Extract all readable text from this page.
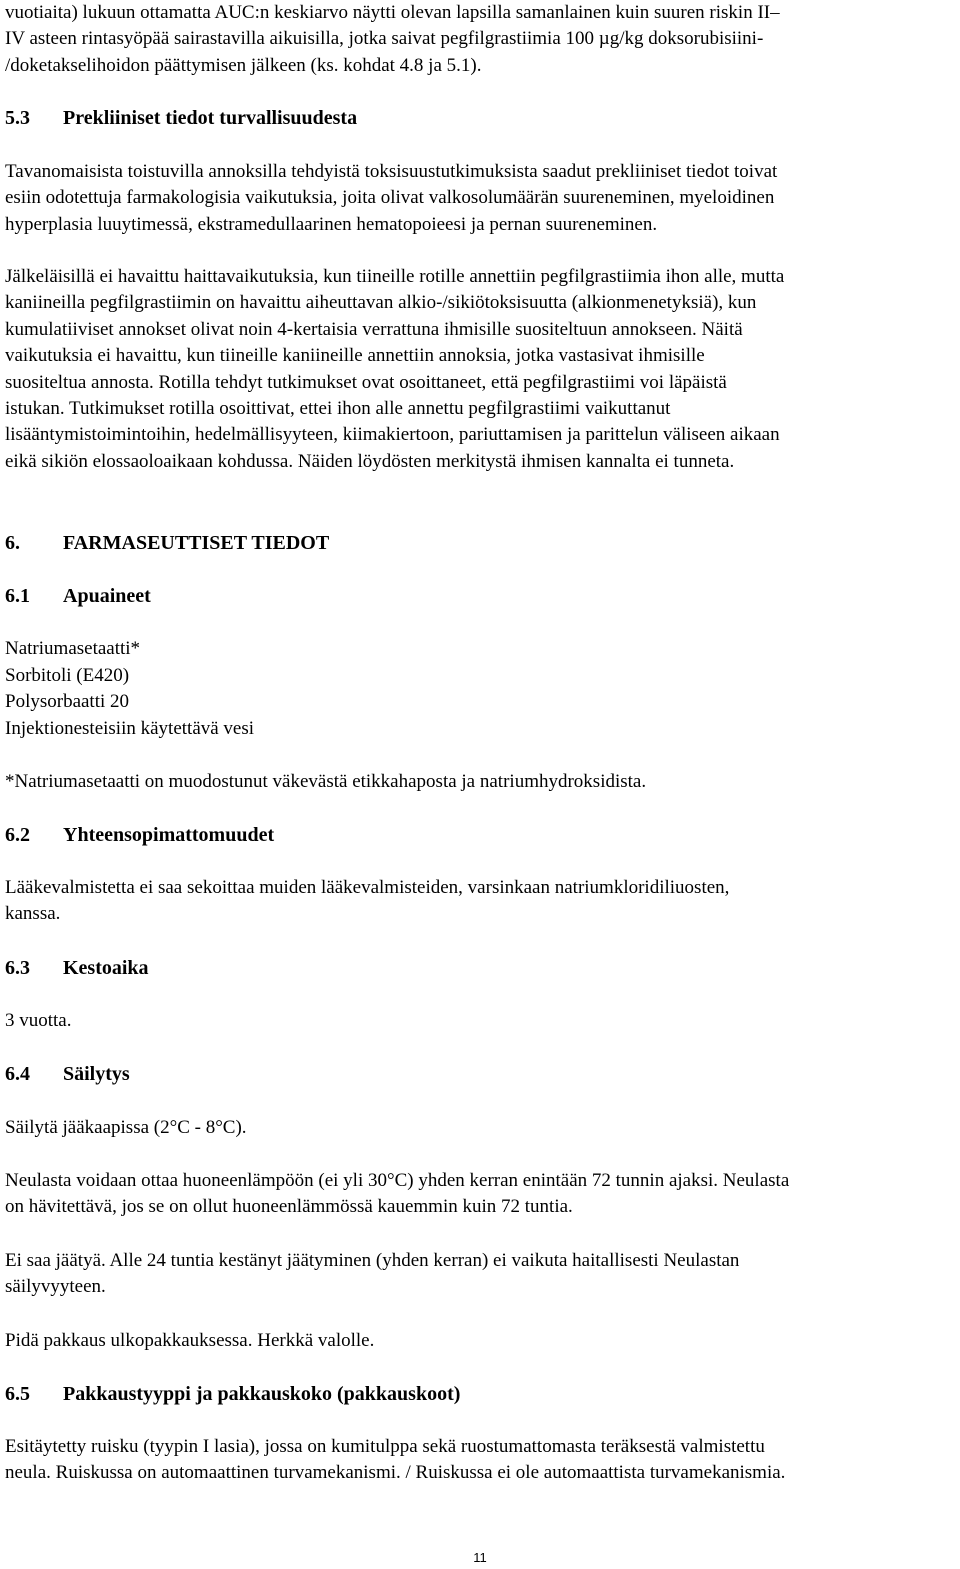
vuotiaita) lukuun ottamatta AUC:n keskiarvo näytti olevan lapsilla samanlainen kuin suuren riskin II–

IV asteen rintasyöpää sairastavilla aikuisilla, jotka saivat pegfilgrastiimia 100 µg/kg doksorubisiini-

/doketakselihoidon päättymisen jälkeen (ks. kohdat 4.8 ja 5.1).

5.3	Prekliiniset tiedot turvallisuudesta

Tavanomaisista toistuvilla annoksilla tehdyistä toksisuustutkimuksista saadut prekliiniset tiedot toivat

esiin odotettuja farmakologisia vaikutuksia, joita olivat valkosolumäärän suureneminen, myeloidinen

hyperplasia luuytimessä, ekstramedullaarinen hematopoieesi ja pernan suureneminen.

Jälkeläisillä ei havaittu haittavaikutuksia, kun tiineille rotille annettiin pegfilgrastiimia ihon alle, mutta

kaniineilla pegfilgrastiimin on havaittu aiheuttavan alkio-/sikiötoksisuutta (alkionmenetyksiä), kun

kumulatiiviset annokset olivat noin 4-kertaisia verrattuna ihmisille suositeltuun annokseen. Näitä

vaikutuksia ei havaittu, kun tiineille kaniineille annettiin annoksia, jotka vastasivat ihmisille

suositeltua annosta. Rotilla tehdyt tutkimukset ovat osoittaneet, että pegfilgrastiimi voi läpäistä

istukan. Tutkimukset rotilla osoittivat, ettei ihon alle annettu pegfilgrastiimi vaikuttanut

lisääntymistoimintoihin, hedelmällisyyteen, kiimakiertoon, pariuttamisen ja parittelun väliseen aikaan

eikä sikiön elossaoloaikaan kohdussa. Näiden löydösten merkitystä ihmisen kannalta ei tunneta.

6.	FARMASEUTTISET TIEDOT
6.1	Apuaineet

Natriumasetaatti*

Sorbitoli (E420)

Polysorbaatti 20

Injektionesteisiin käytettävä vesi

*Natriumasetaatti on muodostunut väkevästä etikkahaposta ja natriumhydroksidista.

6.2	Yhteensopimattomuudet

Lääkevalmistetta ei saa sekoittaa muiden lääkevalmisteiden, varsinkaan natriumkloridiliuosten,

kanssa.

6.3	Kestoaika

3 vuotta.

6.4	Säilytys

Säilytä jääkaapissa (2°C - 8°C).

Neulasta voidaan ottaa huoneenlämpöön (ei yli 30°C) yhden kerran enintään 72 tunnin ajaksi. Neulasta

on hävitettävä, jos se on ollut huoneenlämmössä kauemmin kuin 72 tuntia.

Ei saa jäätyä. Alle 24 tuntia kestänyt jäätyminen (yhden kerran) ei vaikuta haitallisesti Neulastan

säilyvyyteen.

Pidä pakkaus ulkopakkauksessa. Herkkä valolle.

6.5	Pakkaustyyppi ja pakkauskoko (pakkauskoot)

Esitäytetty ruisku (tyypin I lasia), jossa on kumitulppa sekä ruostumattomasta teräksestä valmistettu

neula. Ruiskussa on automaattinen turvamekanismi. / Ruiskussa ei ole automaattista turvamekanismia.

11
